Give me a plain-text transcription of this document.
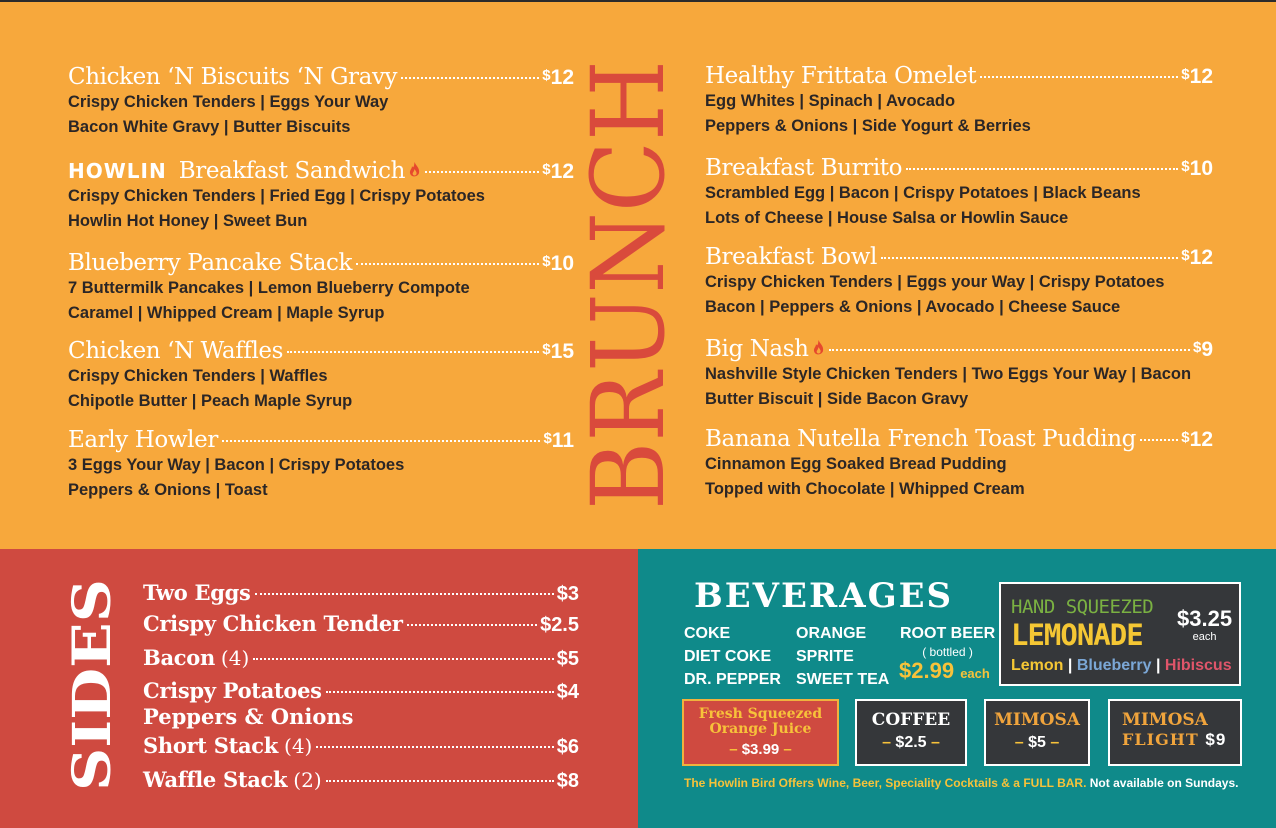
BRUNCH
Chicken ‘N Biscuits ‘N Gravy	$12
Crispy Chicken Tenders | Eggs Your Way
Bacon White Gravy | Butter Biscuits
HOWLIN Breakfast Sandwich	$12
Crispy Chicken Tenders | Fried Egg | Crispy Potatoes
Howlin Hot Honey | Sweet Bun
Blueberry Pancake Stack	$10
7 Buttermilk Pancakes | Lemon Blueberry Compote
Caramel | Whipped Cream | Maple Syrup
Chicken ‘N Waffles	$15
Crispy Chicken Tenders | Waffles
Chipotle Butter | Peach Maple Syrup
Early Howler	$11
3 Eggs Your Way | Bacon | Crispy Potatoes
Peppers & Onions | Toast
Healthy Frittata Omelet	$12
Egg Whites | Spinach | Avocado
Peppers & Onions | Side Yogurt & Berries
Breakfast Burrito	$10
Scrambled Egg | Bacon | Crispy Potatoes | Black Beans
Lots of Cheese | House Salsa or Howlin Sauce
Breakfast Bowl	$12
Crispy Chicken Tenders | Eggs your Way | Crispy Potatoes
Bacon | Peppers & Onions | Avocado | Cheese Sauce
Big Nash	$9
Nashville Style Chicken Tenders | Two Eggs Your Way | Bacon
Butter Biscuit | Side Bacon Gravy
Banana Nutella French Toast Pudding	$12
Cinnamon Egg Soaked Bread Pudding
Topped with Chocolate | Whipped Cream
SIDES
Two Eggs	$3
Crispy Chicken Tender	$2.5
Bacon (4)	$5
Crispy Potatoes	$4
Peppers & Onions
Short Stack (4)	$6
Waffle Stack (2)	$8
BEVERAGES
COKE
DIET COKE
DR. PEPPER
ORANGE
SPRITE
SWEET TEA
ROOT BEER
( bottled )
$2.99 each
HAND SQUEEZED
LEMONADE $3.25
each
Lemon | Blueberry | Hibiscus
Fresh Squeezed
Orange Juice
– $3.99 –
COFFEE
– $2.5 –
MIMOSA
– $5 –
MIMOSA
FLIGHT $9
The Howlin Bird Offers Wine, Beer, Speciality Cocktails & a FULL BAR. Not available on Sundays.
